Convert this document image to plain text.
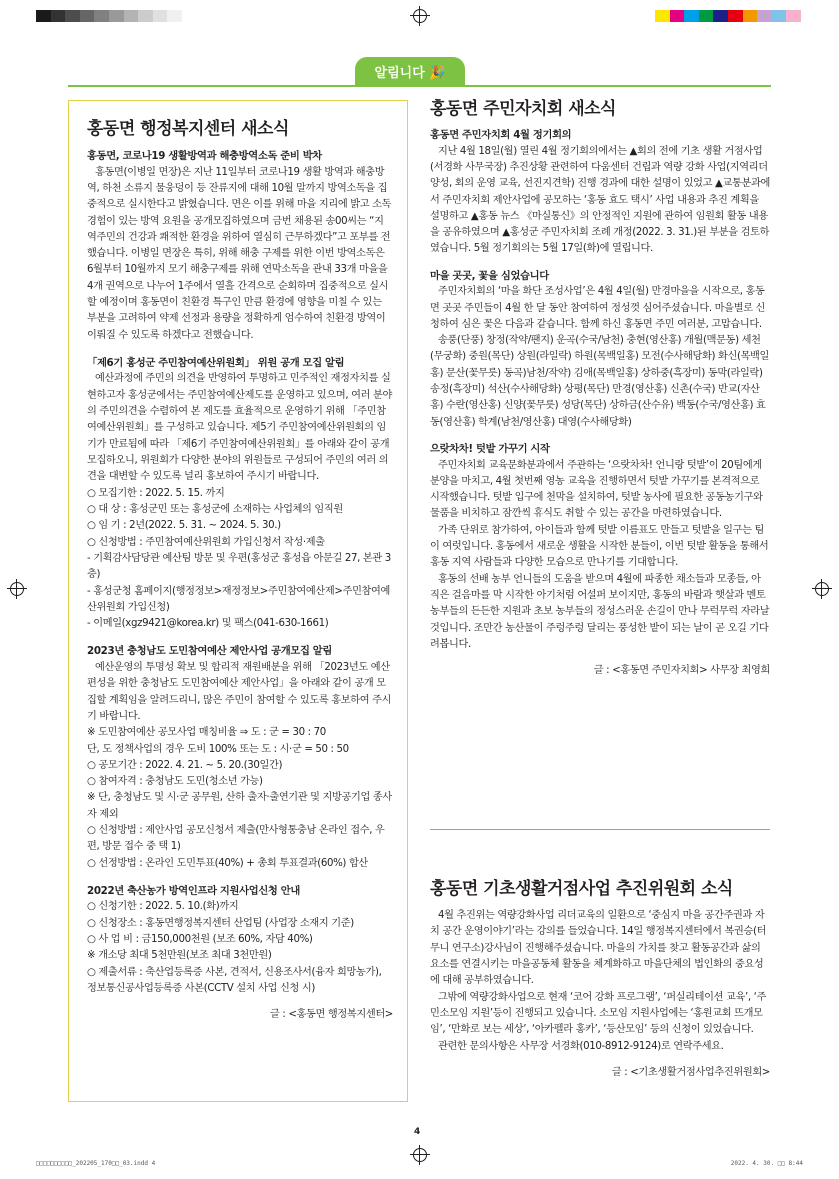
알림니다 🎉

홍동면 행정복지센터 새소식

홍동면, 코로나19 생활방역과 해충방역소독 준비 박차

홍동면(이병일 면장)은 지난 11일부터 코로나19 생활 방역과 해충방역, 하천 소류지 물웅덩이 등 잔류지에 대해 10월 말까지 방역소독을 집중적으로 실시한다고 밝혔습니다. 면은 이를 위해 마을 지리에 밝고 소독 경험이 있는 방역 요원을 공개모집하였으며 금번 채용된 송00씨는 “지역주민의 건강과 쾌적한 환경을 위하여 열심히 근무하겠다”고 포부를 전했습니다. 이병일 면장은 특히, 위해 해충 구제를 위한 이번 방역소독은 6월부터 10월까지 모기 해충구제를 위해 연막소독을 관내 33개 마을을 4개 권역으로 나누어 1주에서 열흘 간격으로 순회하며 집중적으로 실시할 예정이며 홍동면이 친환경 특구인 만큼 환경에 영향을 미칠 수 있는 부분을 고려하여 약제 선정과 용량을 정확하게 엄수하여 친환경 방역이 이뤄질 수 있도록 하겠다고 전했습니다.

「제6기 홍성군 주민참여예산위원회」 위원 공개 모집 알림

예산과정에 주민의 의견을 반영하여 투명하고 민주적인 재정자치를 실현하고자 홍성군에서는 주민참여예산제도를 운영하고 있으며, 여러 분야의 주민의견을 수렴하여 본 제도를 효율적으로 운영하기 위해 「주민참여예산위원회」를 구성하고 있습니다. 제5기 주민참여예산위원회의 임기가 만료됨에 따라 「제6기 주민참여예산위원회」를 아래와 같이 공개모집하오니, 위원회가 다양한 분야의 위원들로 구성되어 주민의 여러 의견을 대변할 수 있도록 널리 홍보하여 주시기 바랍니다.

○ 모집기한 : 2022. 5. 15. 까지

○ 대 상 : 홍성군민 또는 홍성군에 소재하는 사업체의 임직원

○ 임 기 : 2년(2022. 5. 31. ~ 2024. 5. 30.)

○ 신청방법 : 주민참여예산위원회 가입신청서 작성·제출

- 기획감사담당관 예산팀 방문 및 우편(홍성군 홍성읍 아문길 27, 본관 3층)

- 홍성군청 홈페이지(행정정보>재정정보>주민참여예산제>주민참여예산위원회 가입신청)

- 이메일(xgz9421@korea.kr) 및 팩스(041-630-1661)

2023년 충청남도 도민참여예산 제안사업 공개모집 알림

예산운영의 투명성 확보 및 합리적 재원배분을 위해 「2023년도 예산편성을 위한 충청남도 도민참여예산 제안사업」을 아래와 같이 공개 모집할 계획임을 알려드리니, 많은 주민이 참여할 수 있도록 홍보하여 주시기 바랍니다.

※ 도민참여예산 공모사업 매칭비율 ⇒ 도 : 군 = 30 : 70

단, 도 정책사업의 경우 도비 100% 또는 도 : 시·군 = 50 : 50

○ 공모기간 : 2022. 4. 21. ~ 5. 20.(30일간)

○ 참여자격 : 충청남도 도민(청소년 가능)

※ 단, 충청남도 및 시·군 공무원, 산하 출자·출연기관 및 지방공기업 종사자 제외

○ 신청방법 : 제안사업 공모신청서 제출(만사형통충남 온라인 접수, 우편, 방문 접수 중 택 1)

○ 선정방법 : 온라인 도민투표(40%) + 총회 투표결과(60%) 합산

2022년 축산농가 방역인프라 지원사업신청 안내

○ 신청기한 : 2022. 5. 10.(화)까지

○ 신청장소 : 홍동면행정복지센터 산업팀 (사업장 소재지 기준)

○ 사 업 비 : 금150,000천원 (보조 60%, 자담 40%)

※ 개소당 최대 5천만원(보조 최대 3천만원)

○ 제출서류 : 축산업등록증 사본, 견적서, 신용조사서(융자 희망농가), 정보통신공사업등록증 사본(CCTV 설치 사업 신청 시)

글 : <홍동면 행정복지센터>

홍동면 주민자치회 새소식

홍동면 주민자치회 4월 정기회의

지난 4월 18일(월) 열린 4월 정기회의에서는 ▲회의 전에 기초 생활 거점사업(서경화 사무국장) 추진상황 관련하여 다움센터 건립과 역량 강화 사업(지역리더 양성, 회의 운영 교육, 선진지견학) 진행 경과에 대한 설명이 있었고 ▲교통분과에서 주민자치회 제안사업에 공모하는 ‘홍동 효도 택시’ 사업 내용과 추진 계획을 설명하고 ▲홍동 뉴스 《마실통신》의 안정적인 지원에 관하여 임원회 활동 내용을 공유하였으며 ▲홍성군 주민자치회 조례 개정(2022. 3. 31.)된 부분을 검토하였습니다. 5월 정기회의는 5월 17일(화)에 열립니다.

마을 곳곳, 꽃을 심었습니다

주민자치회의 ‘마을 화단 조성사업’은 4월 4일(월) 만경마을을 시작으로, 홍동면 곳곳 주민들이 4월 한 달 동안 참여하여 정성껏 심어주셨습니다. 마을별로 신청하여 심은 꽃은 다음과 같습니다. 함께 하신 홍동면 주민 여러분, 고맙습니다.

송풍(단풍) 창정(작약/팬지) 운곡(수국/남천) 충현(영산홍) 개월(맥문동) 세천(무궁화) 중원(목단) 상원(라일락) 하원(목백일홍) 모전(수사해당화) 화신(목백일홍) 문산(꽃무릇) 동곡)남천/작약) 김애(목백일홍) 상하중(흑장미) 동막(라일락) 송정(흑장미) 석산(수사해당화) 상평(목단) 만경(영산홍) 신촌(수국) 반교(자산홍) 수란(영산홍) 신양(꽃무릇) 성당(목단) 상하금(산수유) 백동(수국/영산홍) 효동(영산홍) 학계(남천/영산홍) 대영(수사해당화)

으랏차차! 텃밭 가꾸기 시작

주민자치회 교육문화분과에서 주관하는 ‘으랏차차! 언니랑 텃밭’이 20팀에게 분양을 마치고, 4월 첫번째 영농 교육을 진행하면서 텃밭 가꾸기를 본격적으로 시작했습니다. 텃밭 입구에 천막을 설치하여, 텃밭 농사에 필요한 공동농기구와 물품을 비치하고 잠깐씩 휴식도 취할 수 있는 공간을 마련하였습니다.

가족 단위로 참가하여, 아이들과 함께 텃밭 이름표도 만들고 텃밭을 일구는 팀이 여럿입니다. 홍동에서 새로운 생활을 시작한 분들이, 이번 텃밭 활동을 통해서 홍동 지역 사람들과 다양한 모습으로 만나기를 기대합니다.

홍동의 선배 농부 언니들의 도움을 받으며 4월에 파종한 채소들과 모종들, 아직은 걸음마를 막 시작한 아기처럼 어설퍼 보이지만, 홍동의 바람과 햇살과 멘토 농부들의 든든한 지원과 초보 농부들의 정성스러운 손길이 만나 무럭무럭 자라날 것입니다. 조만간 농산물이 주렁주렁 달리는 풍성한 밭이 되는 날이 곧 오길 기다려봅니다.

글 : <홍동면 주민자치회> 사무장 최영희

홍동면 기초생활거점사업 추진위원회 소식

4월 추진위는 역량강화사업 리더교육의 일환으로 ‘중심지 마을 공간주권과 자치 공간 운영이야기’라는 강의를 들었습니다. 14일 행정복지센터에서 복권승(터무니 연구소)강사님이 진행해주셨습니다. 마을의 가치를 찾고 활동공간과 삶의 요소를 연결시키는 마을공동체 활동을 체계화하고 마을단체의 법인화의 중요성에 대해 공부하였습니다.

그밖에 역량강화사업으로 현재 ‘코어 강화 프로그램’, ‘퍼실리테이션 교육’, ‘주민소모임 지원’등이 진행되고 있습니다. 소모임 지원사업에는 ‘홍원교회 뜨개모임’, ‘만화로 보는 세상’, ‘아카펠라 홍카’, ‘등산모임’ 등의 신청이 있었습니다.

관련한 문의사항은 사무장 서경화(010-8912-9124)로 연락주세요.

글 : <기초생활거점사업추진위원회>

4
□□□□□□□□□□_202205_170□□_03.indd 4	2022. 4. 30. □□ 8:44
